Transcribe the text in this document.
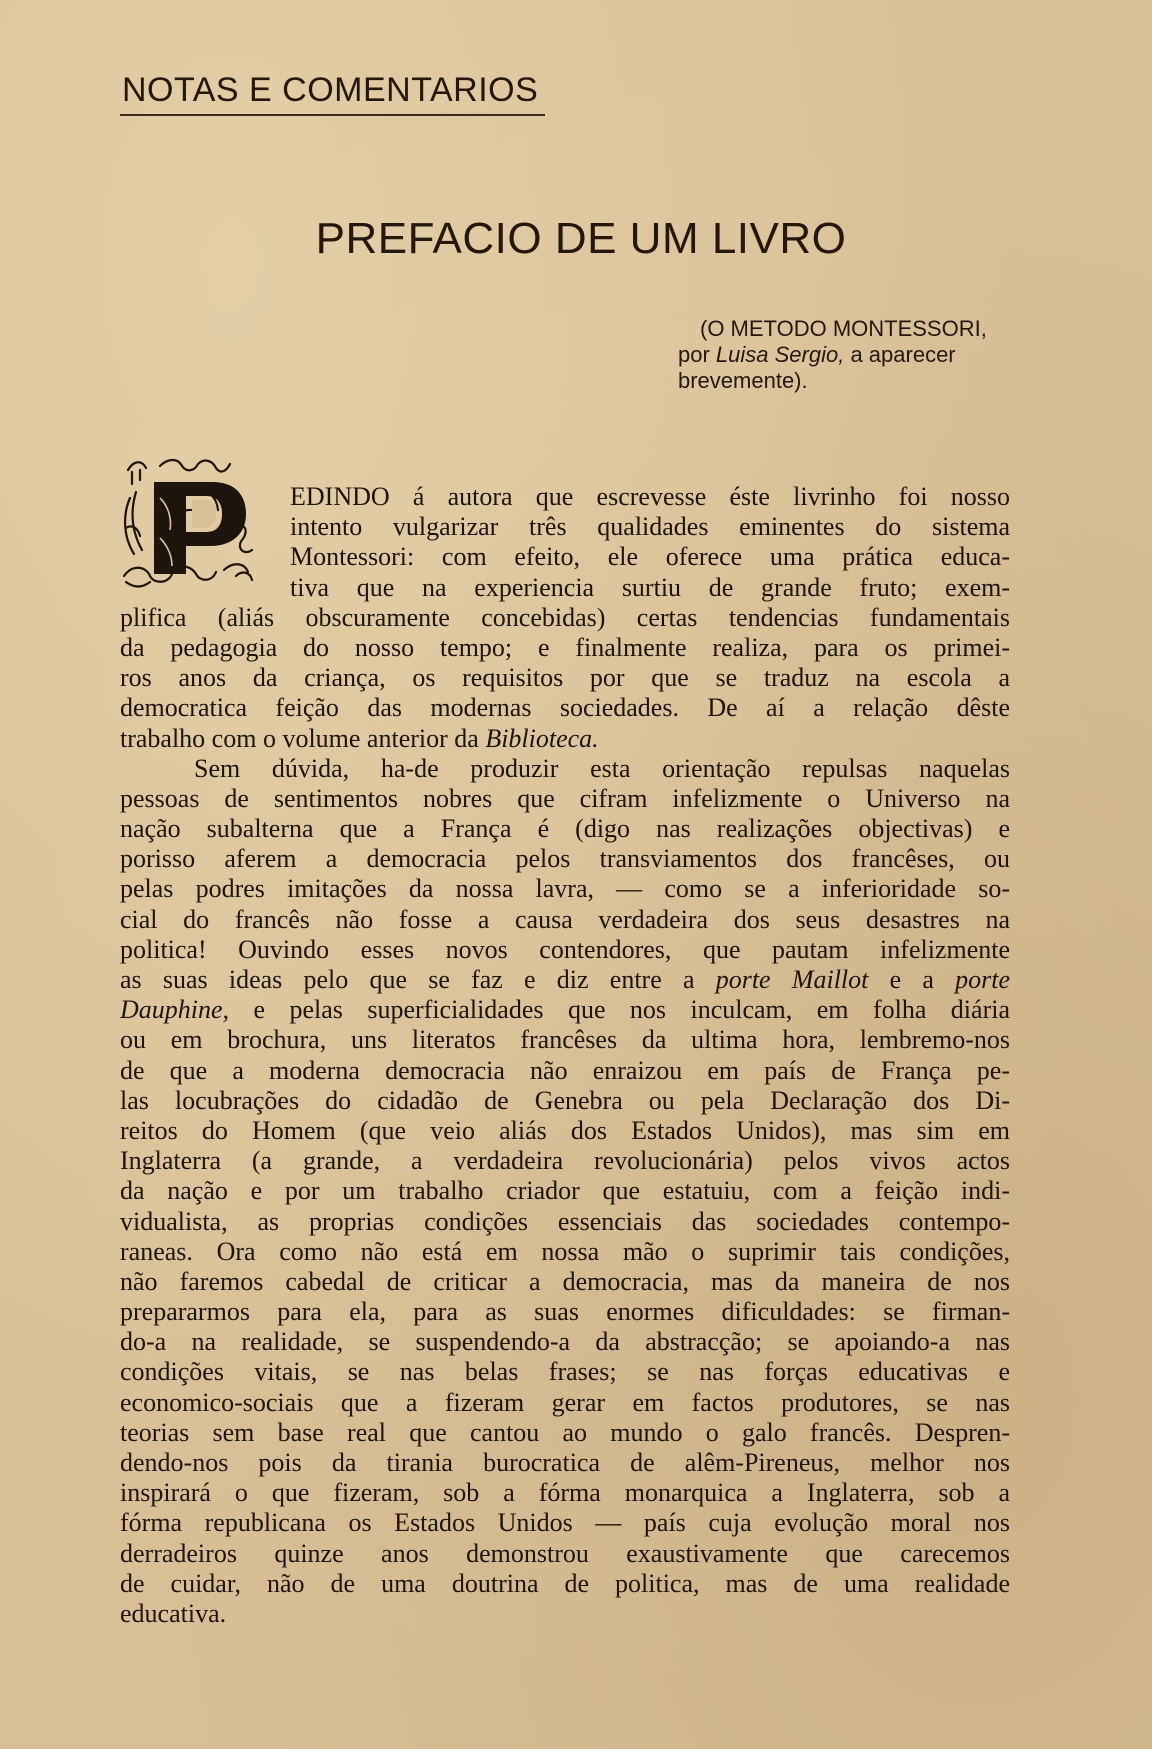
NOTAS E COMENTARIOS
PREFACIO DE UM LIVRO
(O METODO MONTESSORI,
por Luisa Sergio, a aparecer
brevemente).
EDINDO á autora que escrevesse éste livrinho foi nosso
intento vulgarizar três qualidades eminentes do sistema
Montessori: com efeito, ele oferece uma prática educa-
tiva que na experiencia surtiu de grande fruto; exem-
plifica (aliás obscuramente concebidas) certas tendencias fundamentais
da pedagogia do nosso tempo; e finalmente realiza, para os primei-
ros anos da criança, os requisitos por que se traduz na escola a
democratica feição das modernas sociedades. De aí a relação dêste
trabalho com o volume anterior da Biblioteca.
Sem dúvida, ha-de produzir esta orientação repulsas naquelas
pessoas de sentimentos nobres que cifram infelizmente o Universo na
nação subalterna que a França é (digo nas realizações objectivas) e
porisso aferem a democracia pelos transviamentos dos francêses, ou
pelas podres imitações da nossa lavra, — como se a inferioridade so-
cial do francês não fosse a causa verdadeira dos seus desastres na
politica! Ouvindo esses novos contendores, que pautam infelizmente
as suas ideas pelo que se faz e diz entre a porte Maillot e a porte
Dauphine, e pelas superficialidades que nos inculcam, em folha diária
ou em brochura, uns literatos francêses da ultima hora, lembremo-nos
de que a moderna democracia não enraizou em país de França pe-
las locubrações do cidadão de Genebra ou pela Declaração dos Di-
reitos do Homem (que veio aliás dos Estados Unidos), mas sim em
Inglaterra (a grande, a verdadeira revolucionária) pelos vivos actos
da nação e por um trabalho criador que estatuiu, com a feição indi-
vidualista, as proprias condições essenciais das sociedades contempo-
raneas. Ora como não está em nossa mão o suprimir tais condições,
não faremos cabedal de criticar a democracia, mas da maneira de nos
prepararmos para ela, para as suas enormes dificuldades: se firman-
do-a na realidade, se suspendendo-a da abstracção; se apoiando-a nas
condições vitais, se nas belas frases; se nas forças educativas e
economico-sociais que a fizeram gerar em factos produtores, se nas
teorias sem base real que cantou ao mundo o galo francês. Despren-
dendo-nos pois da tirania burocratica de alêm-Pireneus, melhor nos
inspirará o que fizeram, sob a fórma monarquica a Inglaterra, sob a
fórma republicana os Estados Unidos — país cuja evolução moral nos
derradeiros quinze anos demonstrou exaustivamente que carecemos
de cuidar, não de uma doutrina de politica, mas de uma realidade
educativa.
